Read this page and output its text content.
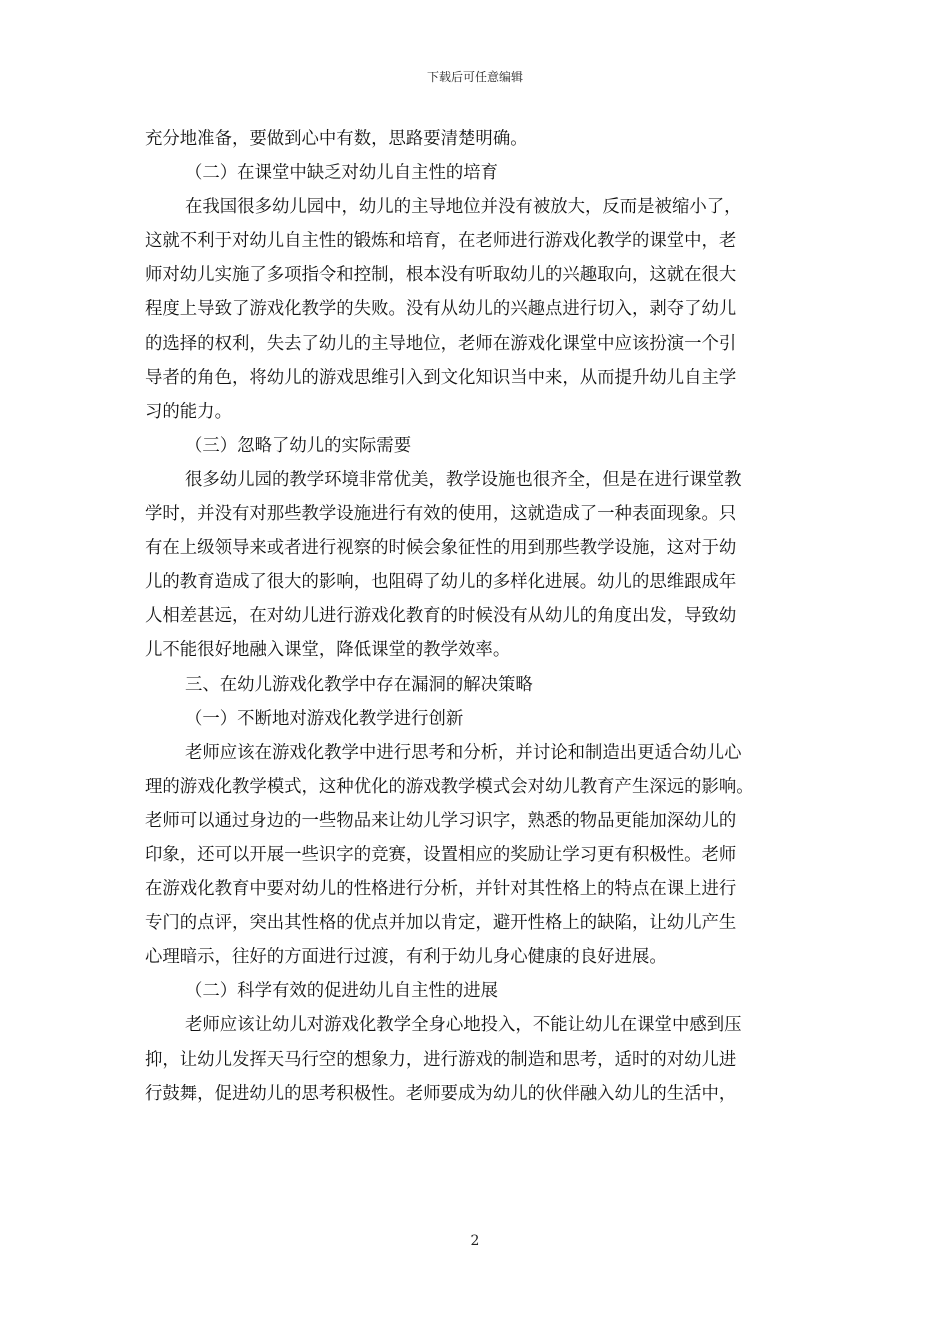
下载后可任意编辑
充分地准备，要做到心中有数，思路要清楚明确。
（二）在课堂中缺乏对幼儿自主性的培育
在我国很多幼儿园中，幼儿的主导地位并没有被放大，反而是被缩小了，
这就不利于对幼儿自主性的锻炼和培育，在老师进行游戏化教学的课堂中，老
师对幼儿实施了多项指令和控制，根本没有听取幼儿的兴趣取向，这就在很大
程度上导致了游戏化教学的失败。没有从幼儿的兴趣点进行切入，剥夺了幼儿
的选择的权利，失去了幼儿的主导地位，老师在游戏化课堂中应该扮演一个引
导者的角色，将幼儿的游戏思维引入到文化知识当中来，从而提升幼儿自主学
习的能力。
（三）忽略了幼儿的实际需要
很多幼儿园的教学环境非常优美，教学设施也很齐全，但是在进行课堂教
学时，并没有对那些教学设施进行有效的使用，这就造成了一种表面现象。只
有在上级领导来或者进行视察的时候会象征性的用到那些教学设施，这对于幼
儿的教育造成了很大的影响，也阻碍了幼儿的多样化进展。幼儿的思维跟成年
人相差甚远，在对幼儿进行游戏化教育的时候没有从幼儿的角度出发，导致幼
儿不能很好地融入课堂，降低课堂的教学效率。
三、在幼儿游戏化教学中存在漏洞的解决策略
（一）不断地对游戏化教学进行创新
老师应该在游戏化教学中进行思考和分析，并讨论和制造出更适合幼儿心
理的游戏化教学模式，这种优化的游戏教学模式会对幼儿教育产生深远的影响。
老师可以通过身边的一些物品来让幼儿学习识字，熟悉的物品更能加深幼儿的
印象，还可以开展一些识字的竞赛，设置相应的奖励让学习更有积极性。老师
在游戏化教育中要对幼儿的性格进行分析，并针对其性格上的特点在课上进行
专门的点评，突出其性格的优点并加以肯定，避开性格上的缺陷，让幼儿产生
心理暗示，往好的方面进行过渡，有利于幼儿身心健康的良好进展。
（二）科学有效的促进幼儿自主性的进展
老师应该让幼儿对游戏化教学全身心地投入，不能让幼儿在课堂中感到压
抑，让幼儿发挥天马行空的想象力，进行游戏的制造和思考，适时的对幼儿进
行鼓舞，促进幼儿的思考积极性。老师要成为幼儿的伙伴融入幼儿的生活中，
2
